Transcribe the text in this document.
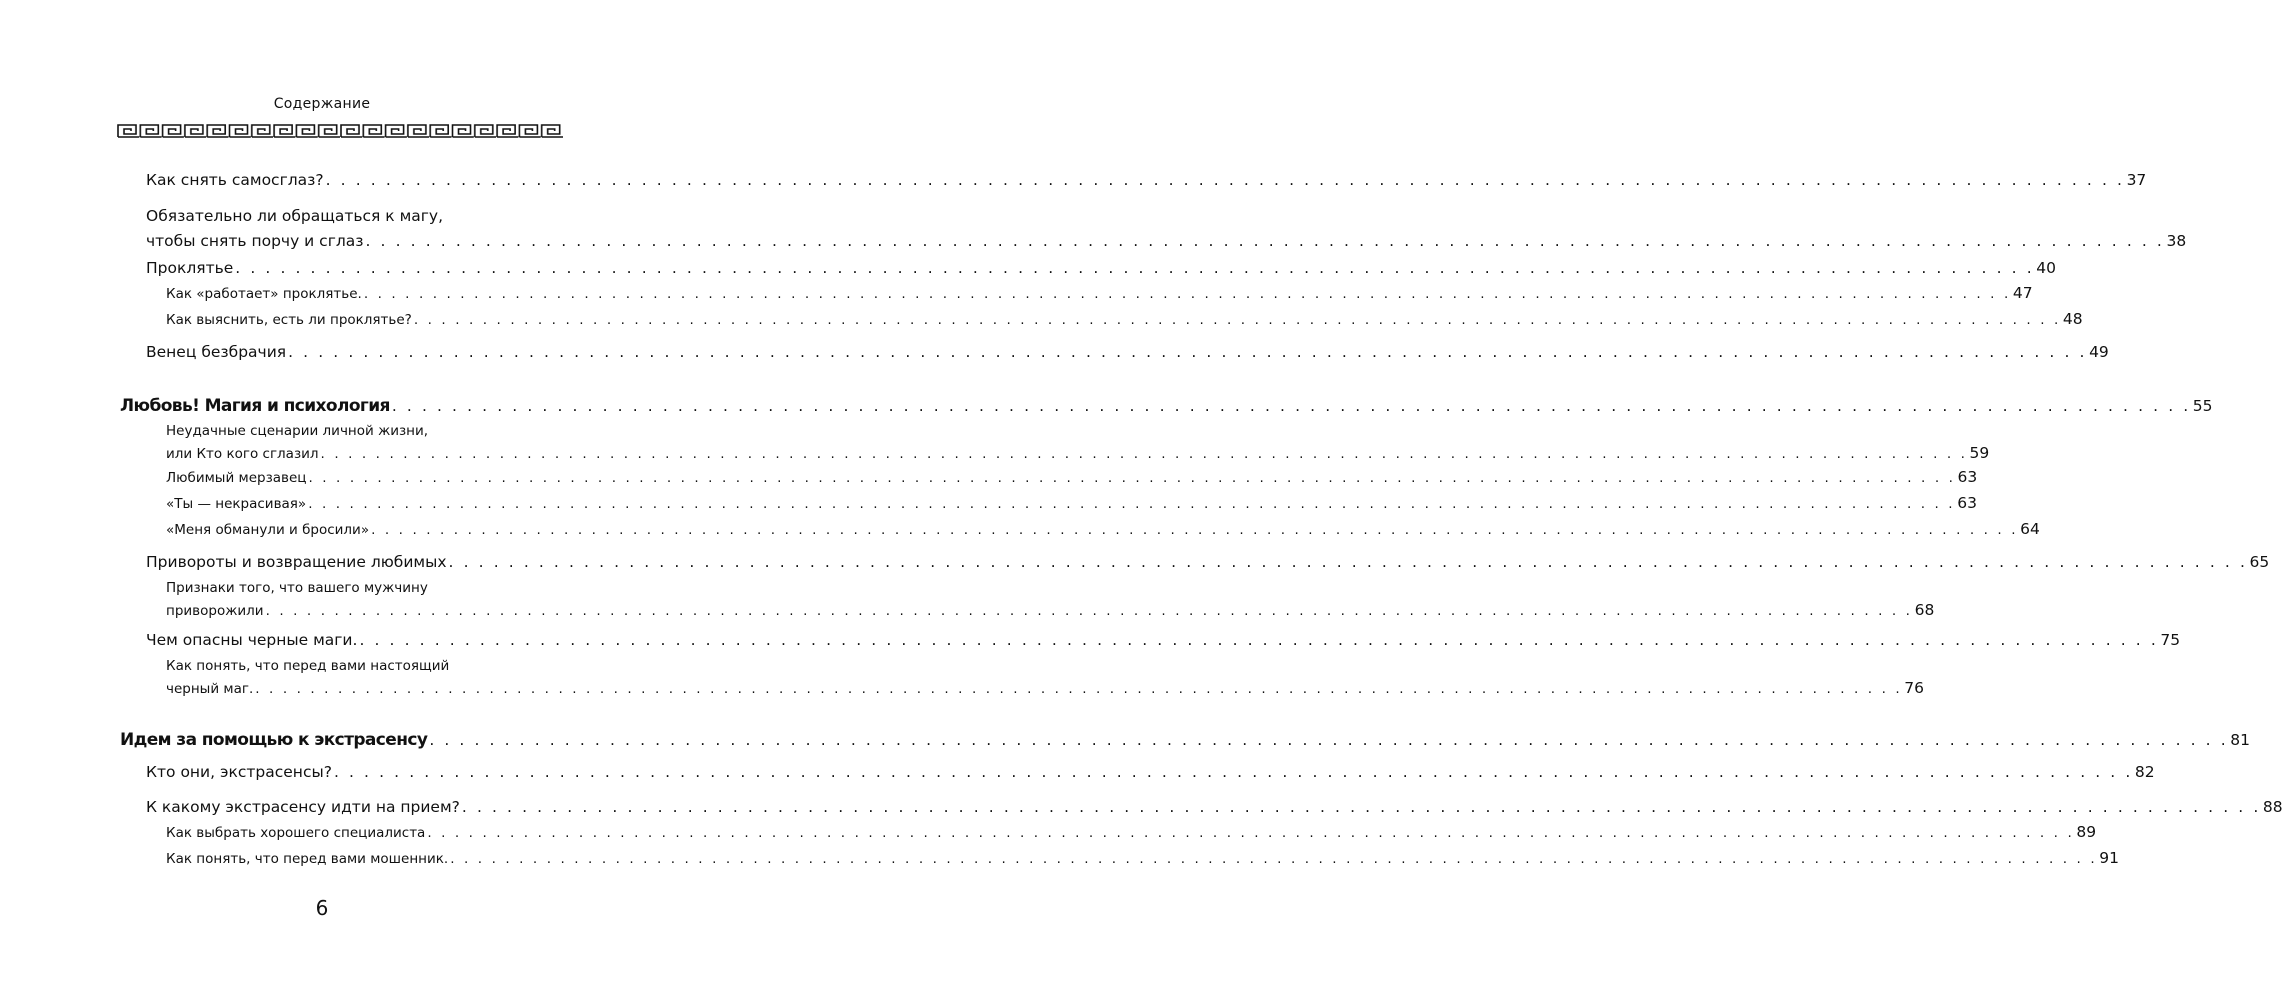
Содержание
Как снять самосглаз? . . . . . . . . . . . . . . . . . . . . . . . . . . . . . . . . . . . . . . . . . . . . . . . . . . . . . . . . . . . . . . . . . . . . . . . . . . . . . . . . . . . . . . . . . . . . . . . . . . . . . . . . . . . . . . . . . . . . . . . . 37
Обязательно ли обращаться к магу,
чтобы снять порчу и сглаз . . . . . . . . . . . . . . . . . . . . . . . . . . . . . . . . . . . . . . . . . . . . . . . . . . . . . . . . . . . . . . . . . . . . . . . . . . . . . . . . . . . . . . . . . . . . . . . . . . . . . . . . . . . . . . . . . . . . . . . . 38
Проклятье . . . . . . . . . . . . . . . . . . . . . . . . . . . . . . . . . . . . . . . . . . . . . . . . . . . . . . . . . . . . . . . . . . . . . . . . . . . . . . . . . . . . . . . . . . . . . . . . . . . . . . . . . . . . . . . . . . . . . . . . 40
Как «работает» проклятье. . . . . . . . . . . . . . . . . . . . . . . . . . . . . . . . . . . . . . . . . . . . . . . . . . . . . . . . . . . . . . . . . . . . . . . . . . . . . . . . . . . . . . . . . . . . . . . . . . . . . . . . . . . . . . . . . . . . . . . . . 47
Как выяснить, есть ли проклятье? . . . . . . . . . . . . . . . . . . . . . . . . . . . . . . . . . . . . . . . . . . . . . . . . . . . . . . . . . . . . . . . . . . . . . . . . . . . . . . . . . . . . . . . . . . . . . . . . . . . . . . . . . . . . . . . . . . . . . . . . 48
Венец безбрачия . . . . . . . . . . . . . . . . . . . . . . . . . . . . . . . . . . . . . . . . . . . . . . . . . . . . . . . . . . . . . . . . . . . . . . . . . . . . . . . . . . . . . . . . . . . . . . . . . . . . . . . . . . . . . . . . . . . . . . . . 49
Любовь! Магия и психология . . . . . . . . . . . . . . . . . . . . . . . . . . . . . . . . . . . . . . . . . . . . . . . . . . . . . . . . . . . . . . . . . . . . . . . . . . . . . . . . . . . . . . . . . . . . . . . . . . . . . . . . . . . . . . . . . . . . . . . . 55
Неудачные сценарии личной жизни,
или Кто кого сглазил . . . . . . . . . . . . . . . . . . . . . . . . . . . . . . . . . . . . . . . . . . . . . . . . . . . . . . . . . . . . . . . . . . . . . . . . . . . . . . . . . . . . . . . . . . . . . . . . . . . . . . . . . . . . . . . . . . . . . . . . 59
Любимый мерзавец . . . . . . . . . . . . . . . . . . . . . . . . . . . . . . . . . . . . . . . . . . . . . . . . . . . . . . . . . . . . . . . . . . . . . . . . . . . . . . . . . . . . . . . . . . . . . . . . . . . . . . . . . . . . . . . . . . . . . . . . 63
«Ты — некрасивая» . . . . . . . . . . . . . . . . . . . . . . . . . . . . . . . . . . . . . . . . . . . . . . . . . . . . . . . . . . . . . . . . . . . . . . . . . . . . . . . . . . . . . . . . . . . . . . . . . . . . . . . . . . . . . . . . . . . . . . . . 63
«Меня обманули и бросили» . . . . . . . . . . . . . . . . . . . . . . . . . . . . . . . . . . . . . . . . . . . . . . . . . . . . . . . . . . . . . . . . . . . . . . . . . . . . . . . . . . . . . . . . . . . . . . . . . . . . . . . . . . . . . . . . . . . . . . . . 64
Привороты и возвращение любимых . . . . . . . . . . . . . . . . . . . . . . . . . . . . . . . . . . . . . . . . . . . . . . . . . . . . . . . . . . . . . . . . . . . . . . . . . . . . . . . . . . . . . . . . . . . . . . . . . . . . . . . . . . . . . . . . . . . . . . . . 65
Признаки того, что вашего мужчину
приворожили . . . . . . . . . . . . . . . . . . . . . . . . . . . . . . . . . . . . . . . . . . . . . . . . . . . . . . . . . . . . . . . . . . . . . . . . . . . . . . . . . . . . . . . . . . . . . . . . . . . . . . . . . . . . . . . . . . . . . . . . 68
Чем опасны черные маги. . . . . . . . . . . . . . . . . . . . . . . . . . . . . . . . . . . . . . . . . . . . . . . . . . . . . . . . . . . . . . . . . . . . . . . . . . . . . . . . . . . . . . . . . . . . . . . . . . . . . . . . . . . . . . . . . . . . . . . . . 75
Как понять, что перед вами настоящий
черный маг. . . . . . . . . . . . . . . . . . . . . . . . . . . . . . . . . . . . . . . . . . . . . . . . . . . . . . . . . . . . . . . . . . . . . . . . . . . . . . . . . . . . . . . . . . . . . . . . . . . . . . . . . . . . . . . . . . . . . . . . . 76
Идем за помощью к экстрасенсу . . . . . . . . . . . . . . . . . . . . . . . . . . . . . . . . . . . . . . . . . . . . . . . . . . . . . . . . . . . . . . . . . . . . . . . . . . . . . . . . . . . . . . . . . . . . . . . . . . . . . . . . . . . . . . . . . . . . . . . . 81
Кто они, экстрасенсы? . . . . . . . . . . . . . . . . . . . . . . . . . . . . . . . . . . . . . . . . . . . . . . . . . . . . . . . . . . . . . . . . . . . . . . . . . . . . . . . . . . . . . . . . . . . . . . . . . . . . . . . . . . . . . . . . . . . . . . . . 82
К какому экстрасенсу идти на прием? . . . . . . . . . . . . . . . . . . . . . . . . . . . . . . . . . . . . . . . . . . . . . . . . . . . . . . . . . . . . . . . . . . . . . . . . . . . . . . . . . . . . . . . . . . . . . . . . . . . . . . . . . . . . . . . . . . . . . . . . 88
Как выбрать хорошего специалиста . . . . . . . . . . . . . . . . . . . . . . . . . . . . . . . . . . . . . . . . . . . . . . . . . . . . . . . . . . . . . . . . . . . . . . . . . . . . . . . . . . . . . . . . . . . . . . . . . . . . . . . . . . . . . . . . . . . . . . . . 89
Как понять, что перед вами мошенник. . . . . . . . . . . . . . . . . . . . . . . . . . . . . . . . . . . . . . . . . . . . . . . . . . . . . . . . . . . . . . . . . . . . . . . . . . . . . . . . . . . . . . . . . . . . . . . . . . . . . . . . . . . . . . . . . . . . . . . . . 91
6
